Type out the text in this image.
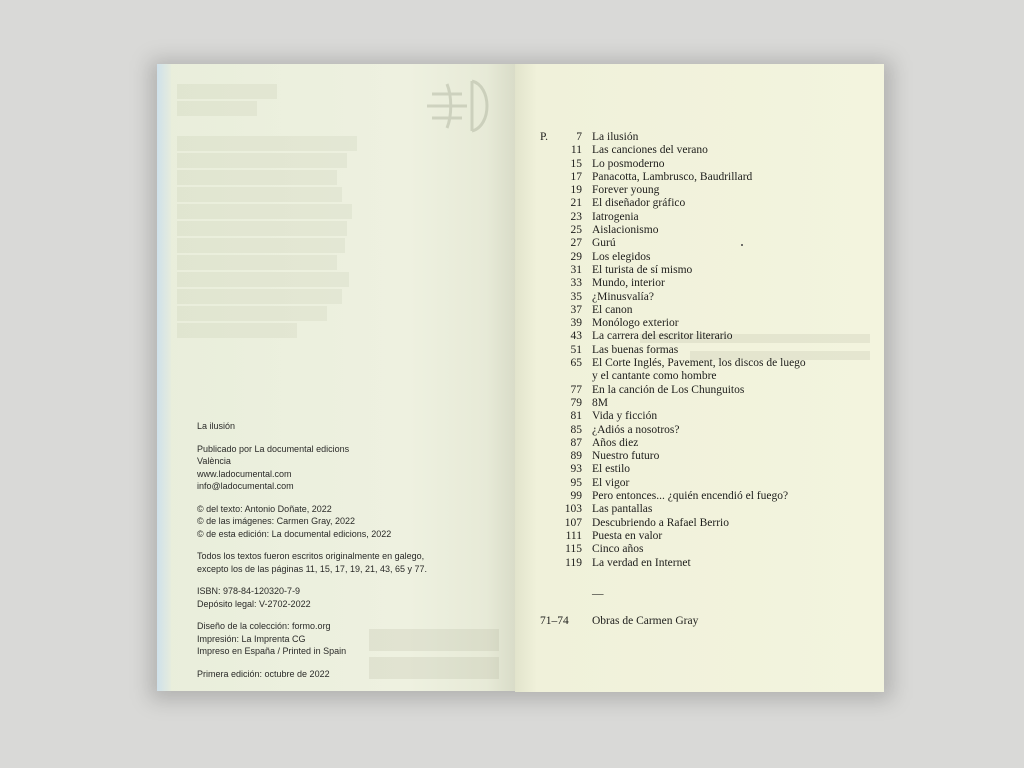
La ilusión
Publicado por La documental edicions
València
www.ladocumental.com
info@ladocumental.com
© del texto: Antonio Doñate, 2022
© de las imágenes: Carmen Gray, 2022
© de esta edición: La documental edicions, 2022
Todos los textos fueron escritos originalmente en galego,
excepto los de las páginas 11, 15, 17, 19, 21, 43, 65 y 77.
ISBN: 978-84-120320-7-9
Depósito legal: V-2702-2022
Diseño de la colección: formo.org
Impresión: La Imprenta CG
Impreso en España / Printed in Spain
Primera edición: octubre de 2022
P.	7 La ilusión
11 Las canciones del verano
15 Lo posmoderno
17 Panacotta, Lambrusco, Baudrillard
19 Forever young
21 El diseñador gráfico
23 Iatrogenia
25 Aislacionismo
27 Gurú
29 Los elegidos
31 El turista de sí mismo
33 Mundo, interior
35 ¿Minusvalía?
37 El canon
39 Monólogo exterior
43 La carrera del escritor literario
51 Las buenas formas
65 El Corte Inglés, Pavement, los discos de luego
y el cantante como hombre
77 En la canción de Los Chunguitos
79 8M
81 Vida y ficción
85 ¿Adiós a nosotros?
87 Años diez
89 Nuestro futuro
93 El estilo
95 El vigor
99 Pero entonces... ¿quién encendió el fuego?
103 Las pantallas
107 Descubriendo a Rafael Berrio
111 Puesta en valor
115 Cinco años
119 La verdad en Internet
—
71–74	Obras de Carmen Gray
